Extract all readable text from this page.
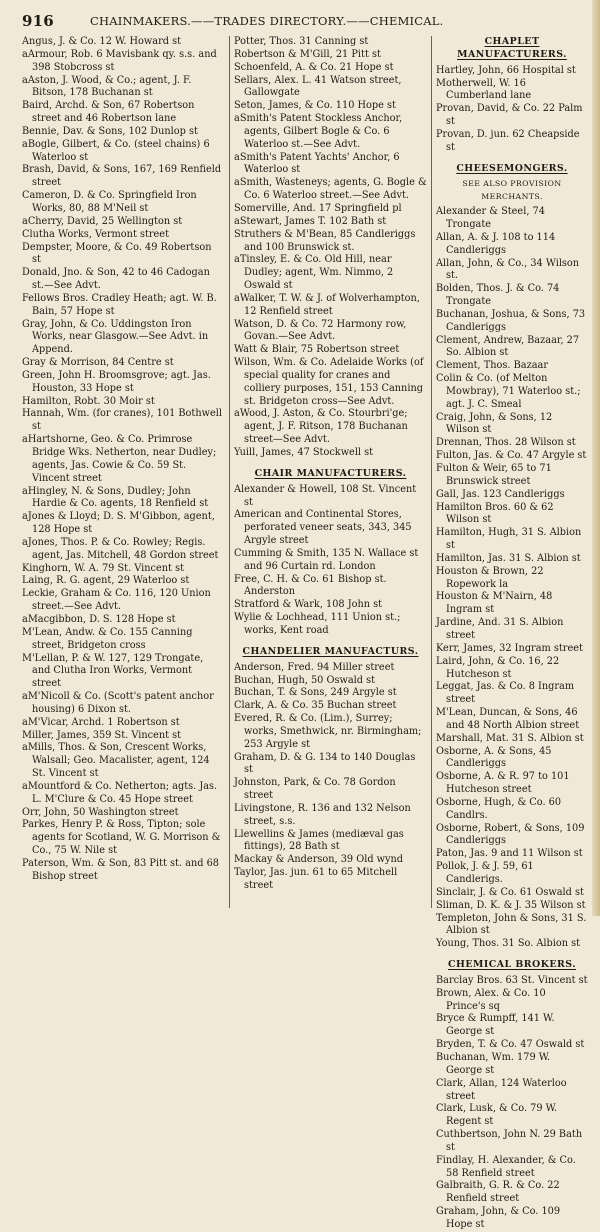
916	CHAINMAKERS.——TRADES DIRECTORY.——CHEMICAL.

Angus, J. & Co. 12 W. Howard st

aArmour, Rob. 6 Mavisbank qy. s.s. and 398 Stobcross st

aAston, J. Wood, & Co.; agent, J. F. Bitson, 178 Buchanan st

Baird, Archd. & Son, 67 Robertson street and 46 Robertson lane

Bennie, Dav. & Sons, 102 Dunlop st

aBogle, Gilbert, & Co. (steel chains) 6 Waterloo st

Brash, David, & Sons, 167, 169 Renfield street

Cameron, D. & Co. Springfield Iron Works, 80, 88 M'Neil st

aCherry, David, 25 Wellington st

Clutha Works, Vermont street

Dempster, Moore, & Co. 49 Robertson st

Donald, Jno. & Son, 42 to 46 Cadogan st.—See Advt.

Fellows Bros. Cradley Heath; agt. W. B. Bain, 57 Hope st

Gray, John, & Co. Uddingston Iron Works, near Glasgow.—See Advt. in Append.

Gray & Morrison, 84 Centre st

Green, John H. Broomsgrove; agt. Jas. Houston, 33 Hope st

Hamilton, Robt. 30 Moir st

Hannah, Wm. (for cranes), 101 Bothwell st

aHartshorne, Geo. & Co. Primrose Bridge Wks. Netherton, near Dudley; agents, Jas. Cowie & Co. 59 St. Vincent street

aHingley, N. & Sons, Dudley; John Hardie & Co. agents, 18 Renfield st

aJones & Lloyd; D. S. M'Gibbon, agent, 128 Hope st

aJones, Thos. P. & Co. Rowley; Regis. agent, Jas. Mitchell, 48 Gordon street

Kinghorn, W. A. 79 St. Vincent st

Laing, R. G. agent, 29 Waterloo st

Leckie, Graham & Co. 116, 120 Union street.—See Advt.

aMacgibbon, D. S. 128 Hope st

M'Lean, Andw. & Co. 155 Canning street, Bridgeton cross

M'Lellan, P. & W. 127, 129 Trongate, and Clutha Iron Works, Vermont street

aM'Nicoll & Co. (Scott's patent anchor housing) 6 Dixon st.

aM'Vicar, Archd. 1 Robertson st

Miller, James, 359 St. Vincent st

aMills, Thos. & Son, Crescent Works, Walsall; Geo. Macalister, agent, 124 St. Vincent st

aMountford & Co. Netherton; agts. Jas. L. M'Clure & Co. 45 Hope street

Orr, John, 50 Washington street

Parkes, Henry P. & Ross, Tipton; sole agents for Scotland, W. G. Morrison & Co., 75 W. Nile st

Paterson, Wm. & Son, 83 Pitt st. and 68 Bishop street

Potter, Thos. 31 Canning st

Robertson & M'Gill, 21 Pitt st

Schoenfeld, A. & Co. 21 Hope st

Sellars, Alex. L. 41 Watson street, Gallowgate

Seton, James, & Co. 110 Hope st

aSmith's Patent Stockless Anchor, agents, Gilbert Bogle & Co. 6 Waterloo st.—See Advt.

aSmith's Patent Yachts' Anchor, 6 Waterloo st

aSmith, Wasteneys; agents, G. Bogle & Co. 6 Waterloo street.—See Advt.

Somerville, And. 17 Springfield pl

aStewart, James T. 102 Bath st

Struthers & M'Bean, 85 Candleriggs and 100 Brunswick st.

aTinsley, E. & Co. Old Hill, near Dudley; agent, Wm. Nimmo, 2 Oswald st

aWalker, T. W. & J. of Wolverhampton, 12 Renfield street

Watson, D. & Co. 72 Harmony row, Govan.—See Advt.

Watt & Blair, 75 Robertson street

Wilson, Wm. & Co. Adelaide Works (of special quality for cranes and colliery purposes, 151, 153 Canning st. Bridgeton cross—See Advt.

aWood, J. Aston, & Co. Stourbri'ge; agent, J. F. Ritson, 178 Buchanan street—See Advt.

Yuill, James, 47 Stockwell st

CHAIR MANUFACTURERS.

Alexander & Howell, 108 St. Vincent st

American and Continental Stores, perforated veneer seats, 343, 345 Argyle street

Cumming & Smith, 135 N. Wallace st and 96 Curtain rd. London

Free, C. H. & Co. 61 Bishop st. Anderston

Stratford & Wark, 108 John st

Wylie & Lochhead, 111 Union st.; works, Kent road

CHANDELIER MANUFACTURS.

Anderson, Fred. 94 Miller street

Buchan, Hugh, 50 Oswald st

Buchan, T. & Sons, 249 Argyle st

Clark, A. & Co. 35 Buchan street

Evered, R. & Co. (Lim.), Surrey; works, Smethwick, nr. Birmingham; 253 Argyle st

Graham, D. & G. 134 to 140 Douglas st

Johnston, Park, & Co. 78 Gordon street

Livingstone, R. 136 and 132 Nelson street, s.s.

Llewellins & James (mediæval gas fittings), 28 Bath st

Mackay & Anderson, 39 Old wynd

Taylor, Jas. jun. 61 to 65 Mitchell street

CHAPLET MANUFACTURERS.

Hartley, John, 66 Hospital st

Motherwell, W. 16 Cumberland lane

Provan, David, & Co. 22 Palm st

Provan, D. jun. 62 Cheapside st

CHEESEMONGERS.

SEE ALSO PROVISION MERCHANTS.

Alexander & Steel, 74 Trongate

Allan, A. & J. 108 to 114 Candleriggs

Allan, John, & Co., 34 Wilson st.

Bolden, Thos. J. & Co. 74 Trongate

Buchanan, Joshua, & Sons, 73 Candleriggs

Clement, Andrew, Bazaar, 27 So. Albion st

Clement, Thos. Bazaar

Colin & Co. (of Melton Mowbray), 71 Waterloo st.; agt. J. C. Smeal

Craig, John, & Sons, 12 Wilson st

Drennan, Thos. 28 Wilson st

Fulton, Jas. & Co. 47 Argyle st

Fulton & Weir, 65 to 71 Brunswick street

Gall, Jas. 123 Candleriggs

Hamilton Bros. 60 & 62 Wilson st

Hamilton, Hugh, 31 S. Albion st

Hamilton, Jas. 31 S. Albion st

Houston & Brown, 22 Ropework la

Houston & M'Nairn, 48 Ingram st

Jardine, And. 31 S. Albion street

Kerr, James, 32 Ingram street

Laird, John, & Co. 16, 22 Hutcheson st

Leggat, Jas. & Co. 8 Ingram street

M'Lean, Duncan, & Sons, 46 and 48 North Albion street

Marshall, Mat. 31 S. Albion st

Osborne, A. & Sons, 45 Candleriggs

Osborne, A. & R. 97 to 101 Hutcheson street

Osborne, Hugh, & Co. 60 Candlrs.

Osborne, Robert, & Sons, 109 Candleriggs

Paton, Jas. 9 and 11 Wilson st

Pollok, J. & J. 59, 61 Candlerigs.

Sinclair, J. & Co. 61 Oswald st

Sliman, D. K. & J. 35 Wilson st

Templeton, John & Sons, 31 S. Albion st

Young, Thos. 31 So. Albion st

CHEMICAL BROKERS.

Barclay Bros. 63 St. Vincent st

Brown, Alex. & Co. 10 Prince's sq

Bryce & Rumpff, 141 W. George st

Bryden, T. & Co. 47 Oswald st

Buchanan, Wm. 179 W. George st

Clark, Allan, 124 Waterloo street

Clark, Lusk, & Co. 79 W. Regent st

Cuthbertson, John N. 29 Bath st

Findlay, H. Alexander, & Co. 58 Renfield street

Galbraith, G. R. & Co. 22 Renfield street

Graham, John, & Co. 109 Hope st
